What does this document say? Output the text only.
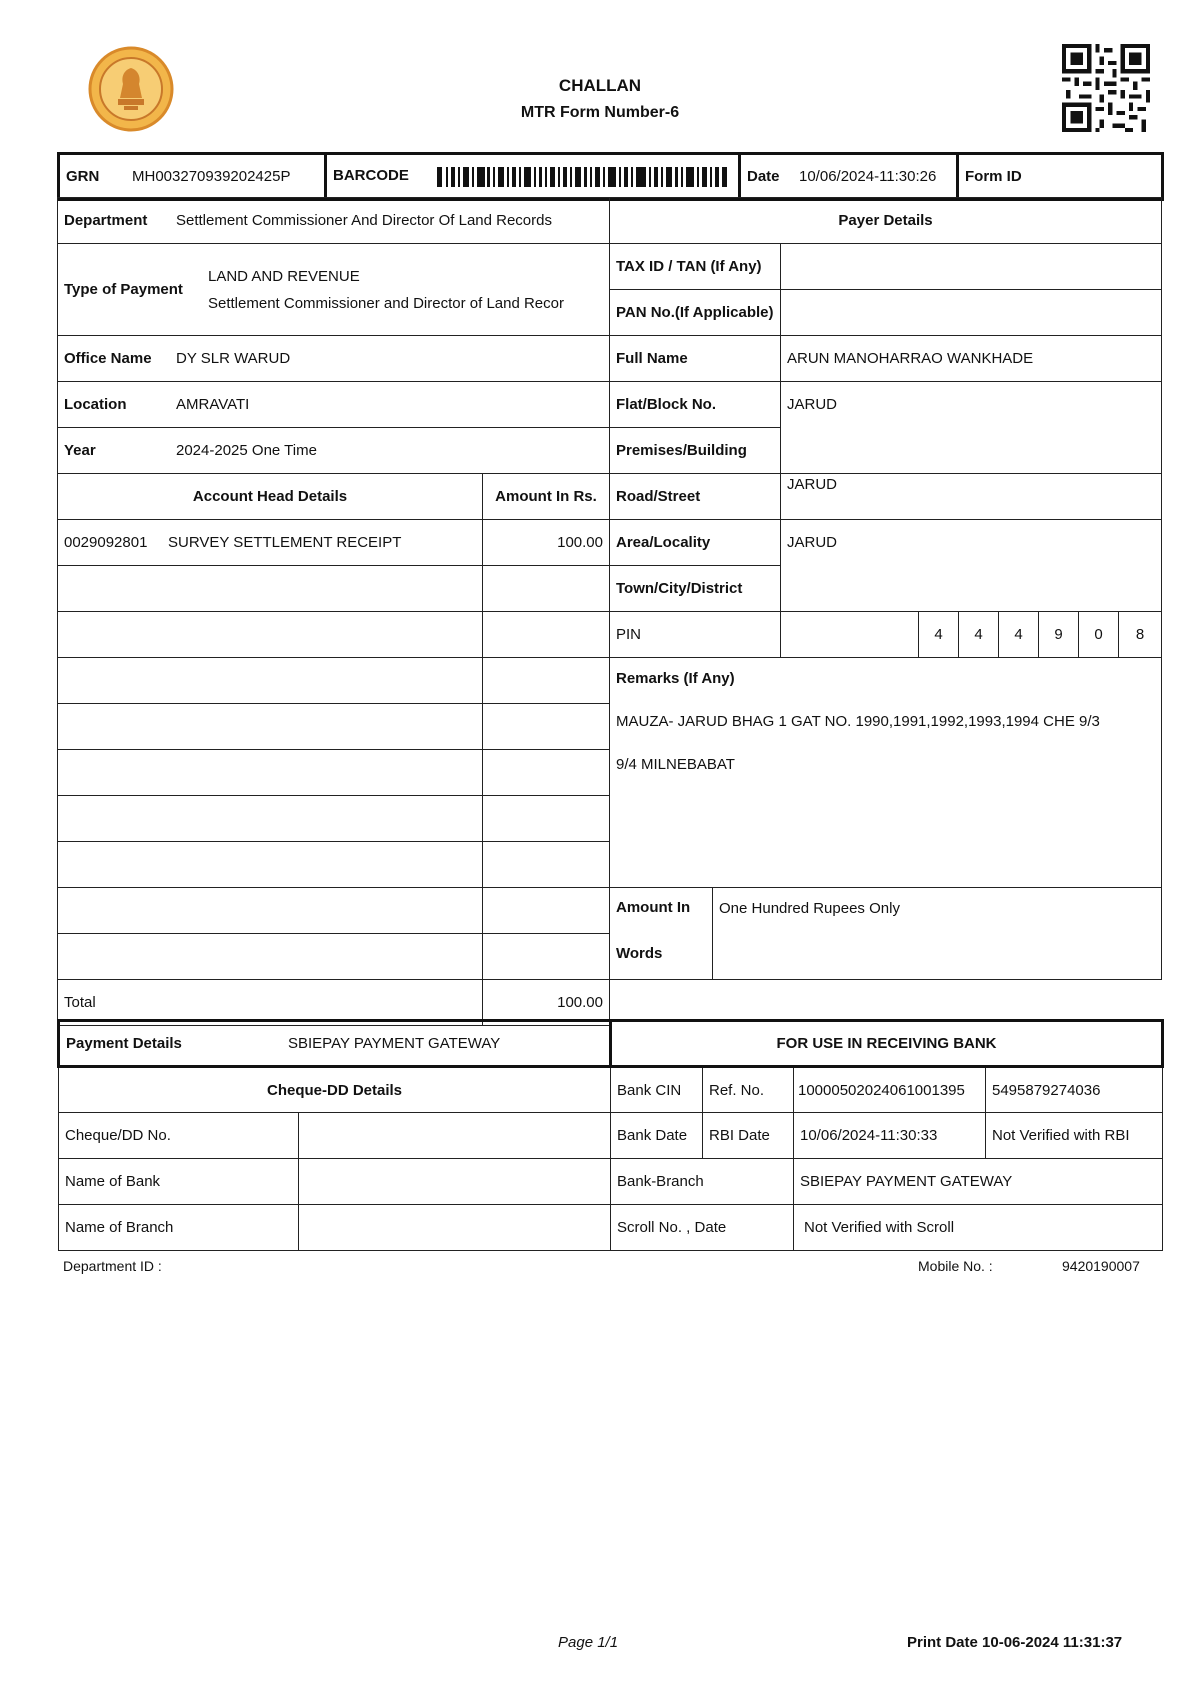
CHALLAN
MTR Form Number-6
GRN MH003270939202425P	BARCODE	Date 10/06/2024-11:30:26	Form ID
Department Settlement Commissioner And Director Of Land Records	

Type of Payment
LAND AND REVENUE
Settlement Commissioner and Director of Land Recor	

Office Name DY SLR WARUD	
Location AMRAVATI	
Year 2024-2025 One Time	
Account Head Details	Amount In Rs.
0029092801 SURVEY SETTLEMENT RECEIPT	100.00

Total	100.00
Payer Details								
TAX ID / TAN (If Any)								
PAN No.(If Applicable)								
Full Name		ARUN MANOHARRAO WANKHADE						

Flat/Block No.		JARUD						
Premises/Building								
Road/Street		JARUD						
Area/Locality		JARUD						
Town/City/District								
PIN			4	4	4	9	0	8

Remarks (If Any)
MAUZA- JARUD BHAG 1 GAT NO. 1990,1991,1992,1993,1994 CHE 9/3
9/4 MILNEBABAT								

Amount In
Words	One Hundred Rupees Only							
Payment Details SBIEPAY PAYMENT GATEWAY		FOR USE IN RECEIVING BANK			
Cheque-DD Details		Bank CIN	Ref. No.	10000502024061001395	5495879274036
Cheque/DD No.		Bank Date	RBI Date	10/06/2024-11:30:33	Not Verified with RBI
Name of Bank		Bank-Branch		SBIEPAY PAYMENT GATEWAY	
Name of Branch		Scroll No. , Date		Not Verified with Scroll	
Department ID :	Mobile No. :	9420190007
Page 1/1	Print Date 10-06-2024 11:31:37
